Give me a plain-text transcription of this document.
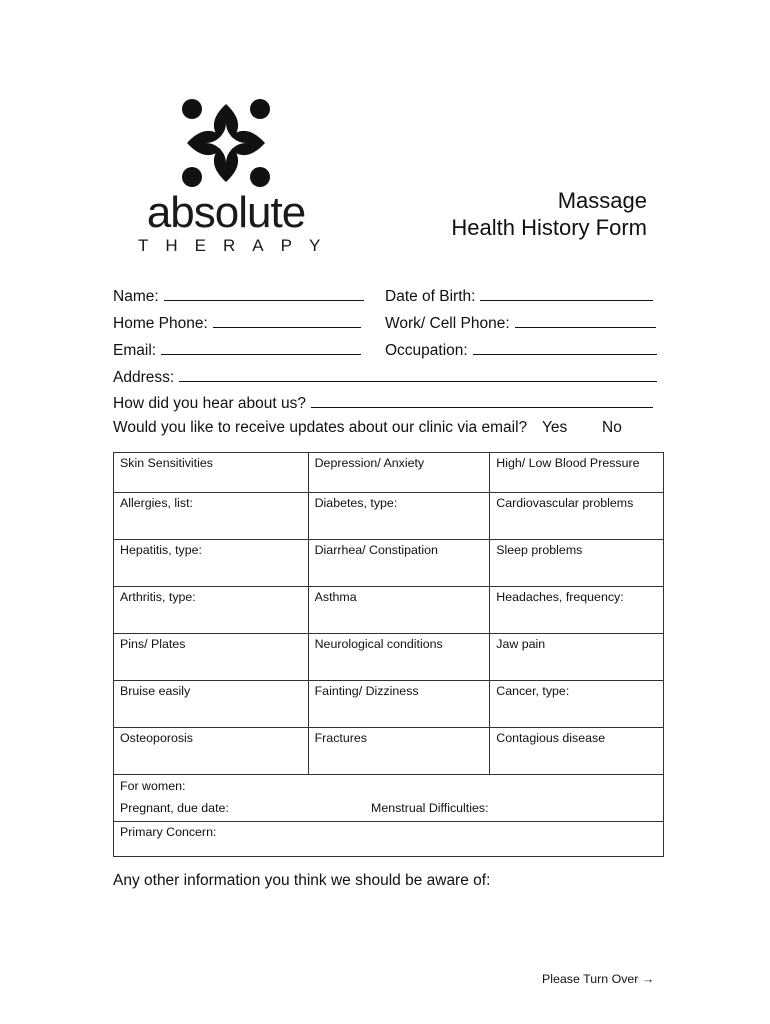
absolute
THERAPY
Massage
Health History Form
Name:	Date of Birth:
Home Phone:	Work/ Cell Phone:
Email:	Occupation:
Address:
How did you hear about us?
Would you like to receive updates about our clinic via email? Yes No
Skin Sensitivities	Depression/ Anxiety	High/ Low Blood Pressure
Allergies, list:	Diabetes, type:	Cardiovascular problems
Hepatitis, type:	Diarrhea/ Constipation	Sleep problems
Arthritis, type:	Asthma	Headaches, frequency:
Pins/ Plates	Neurological conditions	Jaw pain
Bruise easily	Fainting/ Dizziness	Cancer, type:
Osteoporosis	Fractures	Contagious disease

For women:
Pregnant, due date: Menstrual Difficulties:		

Primary Concern:		
Any other information you think we should be aware of:
Please Turn Over →
